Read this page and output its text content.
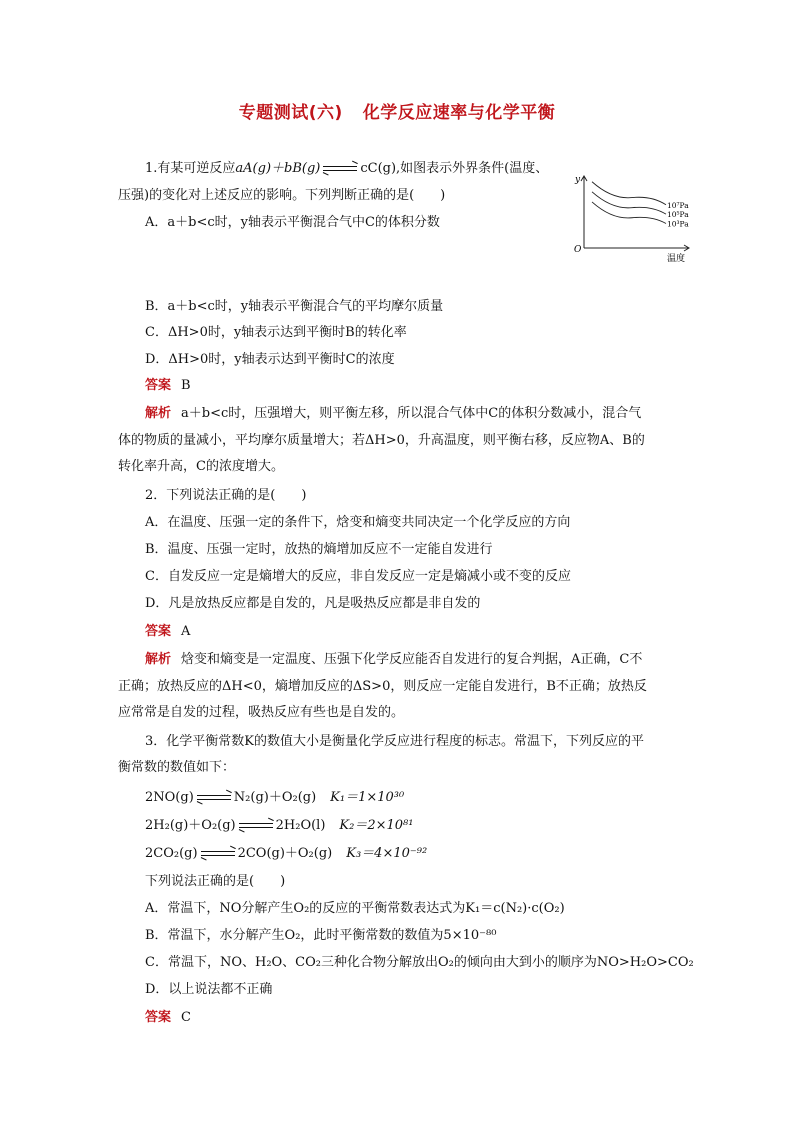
专题测试(六) 化学反应速率与化学平衡
1.有某可逆反应aA(g)＋bB(g)	cC(g),如图表示外界条件(温度、
压强)的变化对上述反应的影响。下列判断正确的是(　　)
A．a＋b<c时，y轴表示平衡混合气中C的体积分数
y
O
温度
10⁷Pa
10⁵Pa
10³Pa
B．a＋b<c时，y轴表示平衡混合气的平均摩尔质量
C．ΔH>0时，y轴表示达到平衡时B的转化率
D．ΔH>0时，y轴表示达到平衡时C的浓度
答案 B
解析 a＋b<c时，压强增大，则平衡左移，所以混合气体中C的体积分数减小，混合气
体的物质的量减小，平均摩尔质量增大；若ΔH>0，升高温度，则平衡右移，反应物A、B的
转化率升高，C的浓度增大。
2．下列说法正确的是(　　)
A．在温度、压强一定的条件下，焓变和熵变共同决定一个化学反应的方向
B．温度、压强一定时，放热的熵增加反应不一定能自发进行
C．自发反应一定是熵增大的反应，非自发反应一定是熵减小或不变的反应
D．凡是放热反应都是自发的，凡是吸热反应都是非自发的
答案 A
解析 焓变和熵变是一定温度、压强下化学反应能否自发进行的复合判据，A正确，C不
正确；放热反应的ΔH<0，熵增加反应的ΔS>0，则反应一定能自发进行，B不正确；放热反
应常常是自发的过程，吸热反应有些也是自发的。
3．化学平衡常数K的数值大小是衡量化学反应进行程度的标志。常温下，下列反应的平
衡常数的数值如下：
2NO(g)	N₂(g)＋O₂(g) K₁＝1×10³⁰
2H₂(g)＋O₂(g)	2H₂O(l) K₂＝2×10⁸¹
2CO₂(g)	2CO(g)＋O₂(g) K₃＝4×10⁻⁹²
下列说法正确的是(　　)
A．常温下，NO分解产生O₂的反应的平衡常数表达式为K₁＝c(N₂)·c(O₂)
B．常温下，水分解产生O₂，此时平衡常数的数值为5×10⁻⁸⁰
C．常温下，NO、H₂O、CO₂三种化合物分解放出O₂的倾向由大到小的顺序为NO>H₂O>CO₂
D．以上说法都不正确
答案 C
